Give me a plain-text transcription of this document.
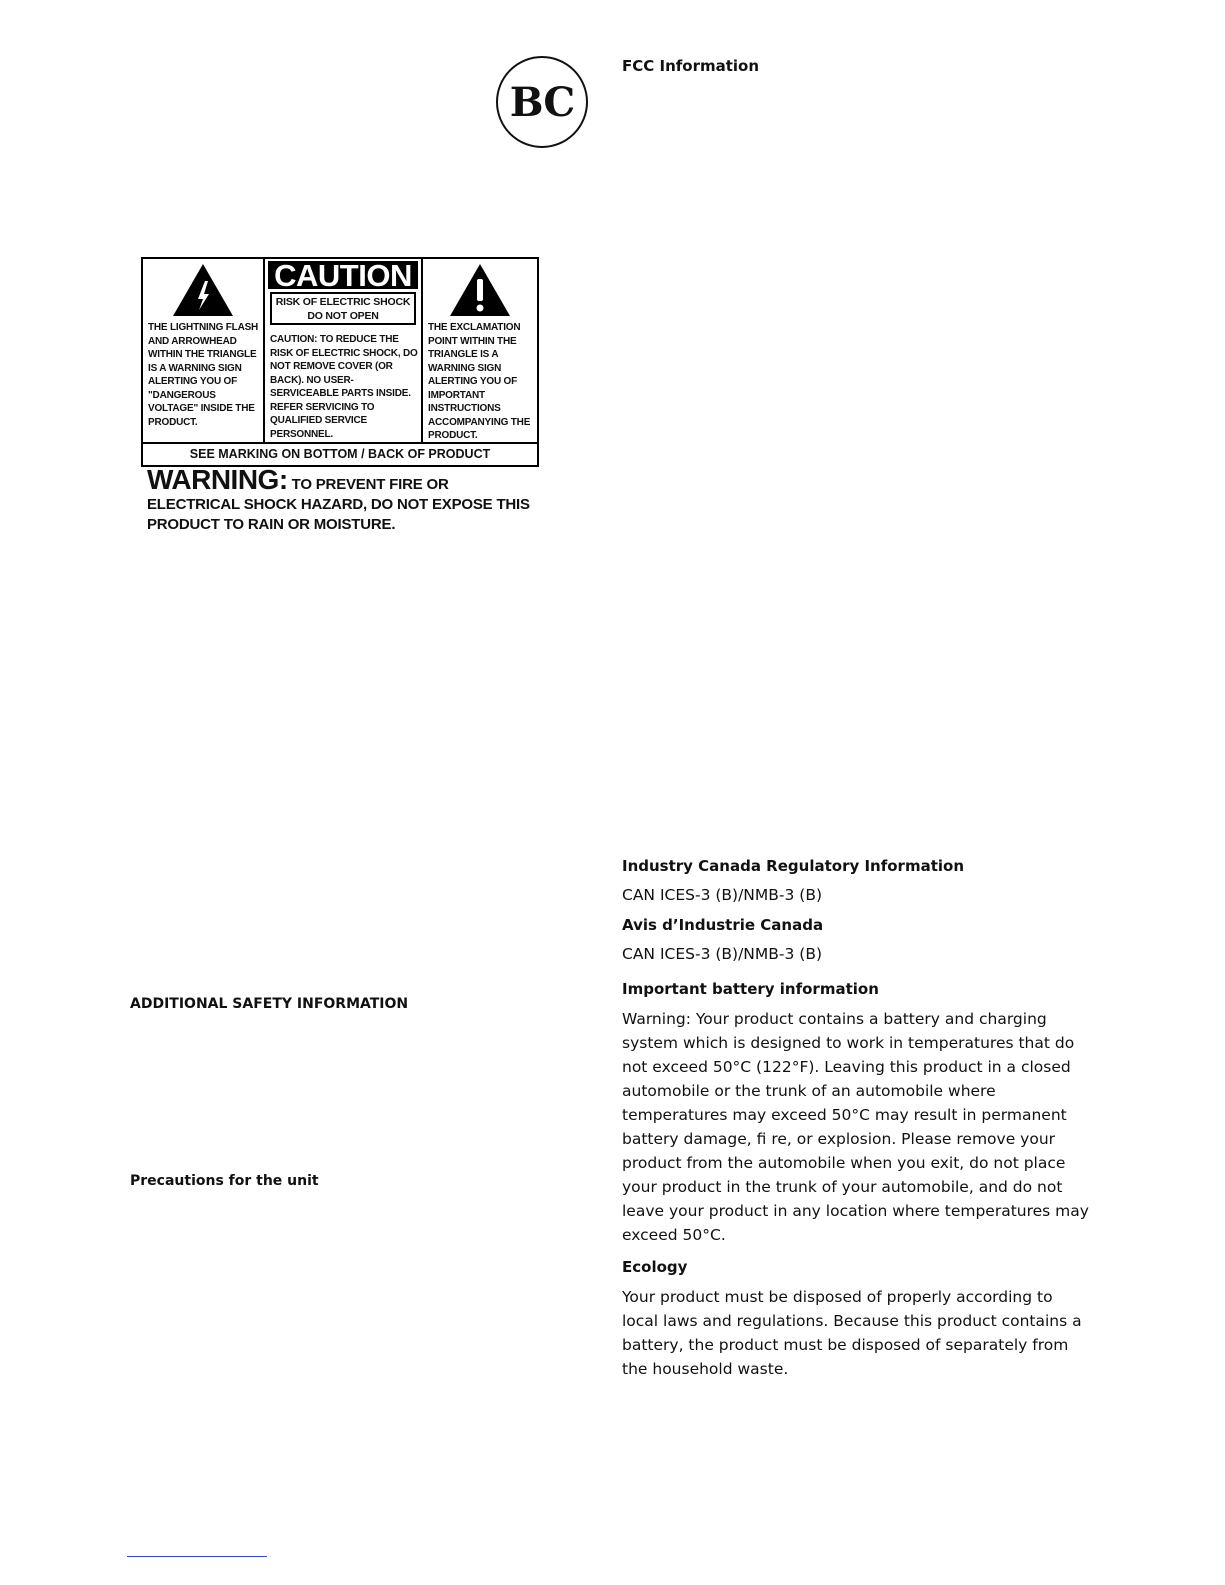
BC
FCC Information
THE LIGHTNING FLASH AND ARROWHEAD WITHIN THE TRIANGLE IS A WARNING SIGN ALERTING YOU OF "DANGEROUS VOLTAGE" INSIDE THE PRODUCT.
CAUTION
RISK OF ELECTRIC SHOCK
DO NOT OPEN
CAUTION: TO REDUCE THE RISK OF ELECTRIC SHOCK, DO NOT REMOVE COVER (OR BACK). NO USER-SERVICEABLE PARTS INSIDE. REFER SERVICING TO QUALIFIED SERVICE PERSONNEL.
THE EXCLAMATION POINT WITHIN THE TRIANGLE IS A WARNING SIGN ALERTING YOU OF IMPORTANT INSTRUCTIONS ACCOMPANYING THE PRODUCT.
SEE MARKING ON BOTTOM / BACK OF PRODUCT
WARNING: TO PREVENT FIRE OR ELECTRICAL SHOCK HAZARD, DO NOT EXPOSE THIS PRODUCT TO RAIN OR MOISTURE.
ADDITIONAL SAFETY INFORMATION
Precautions for the unit
Industry Canada Regulatory Information
CAN ICES-3 (B)/NMB-3 (B)
Avis d’Industrie Canada
CAN ICES-3 (B)/NMB-3 (B)
Important battery information
Warning: Your product contains a battery and charging system which is designed to work in temperatures that do not exceed 50°C (122°F). Leaving this product in a closed automobile or the trunk of an automobile where temperatures may exceed 50°C may result in permanent battery damage, fi re, or explosion. Please remove your product from the automobile when you exit, do not place your product in the trunk of your automobile, and do not leave your product in any location where temperatures may exceed 50°C.
Ecology
Your product must be disposed of properly according to local laws and regulations. Because this product contains a battery, the product must be disposed of separately from the household waste.
